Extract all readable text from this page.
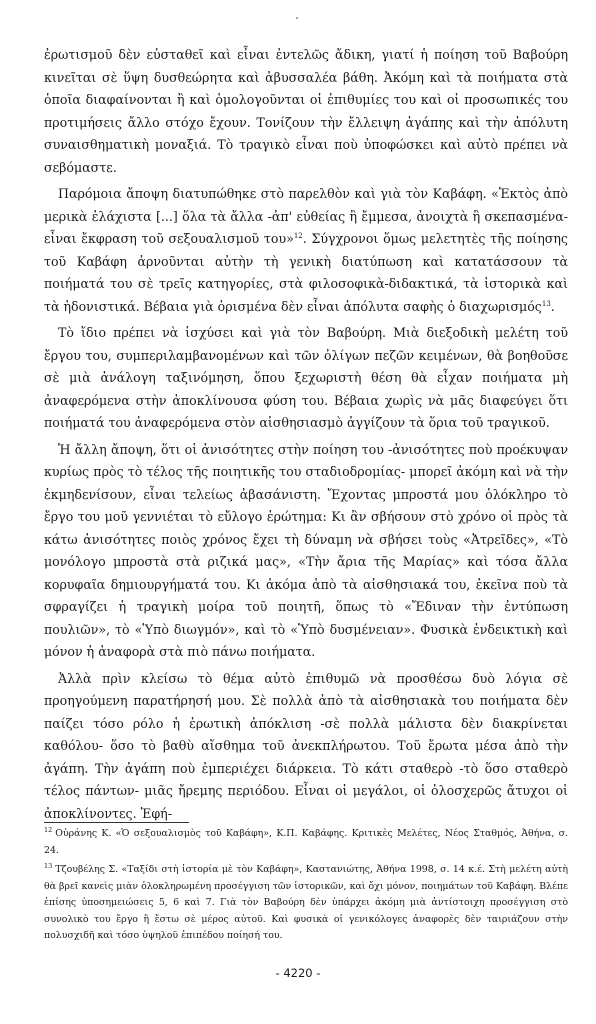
ἐρωτισμοῦ δὲν εὐσταθεῖ καὶ εἶναι ἐντελῶς ἄδικη, γιατί ἡ ποίηση τοῦ Βαβούρη κινεῖται σὲ ὕψη δυσθεώρητα καὶ ἀβυσσαλέα βάθη. Ἀκόμη καὶ τὰ ποιήματα στὰ ὁποῖα διαφαίνονται ἢ καὶ ὁμολογοῦνται οἱ ἐπιθυμίες του καὶ οἱ προσωπικές του προτιμήσεις ἄλλο στόχο ἔχουν. Τονίζουν τὴν ἔλλειψη ἀγάπης καὶ τὴν ἀπόλυτη συναισθηματικὴ μοναξιά. Τὸ τραγικὸ εἶναι ποὺ ὑποφώσκει καὶ αὐτὸ πρέπει νὰ σεβόμαστε.

Παρόμοια ἄποψη διατυπώθηκε στὸ παρελθὸν καὶ γιὰ τὸν Καβάφη. «Ἐκτὸς ἀπὸ μερικὰ ἐλάχιστα [...] ὅλα τὰ ἄλλα -ἀπ' εὐθείας ἢ ἔμμεσα, ἀνοιχτὰ ἢ σκεπασμένα- εἶναι ἔκφραση τοῦ σεξουαλισμοῦ του»$^{12}$. Σύγχρονοι ὅμως μελετητὲς τῆς ποίησης τοῦ Καβάφη ἀρνοῦνται αὐτὴν τὴ γενικὴ διατύπωση καὶ κατατάσσουν τὰ ποιήματά του σὲ τρεῖς κατηγορίες, στὰ φιλοσοφικὰ-διδακτικά, τὰ ἱστορικὰ καὶ τὰ ἡδονιστικά. Βέβαια γιὰ ὁρισμένα δὲν εἶναι ἀπόλυτα σαφὴς ὁ διαχωρισμός$^{13}$.

Τὸ ἴδιο πρέπει νὰ ἰσχύσει καὶ γιὰ τὸν Βαβούρη. Μιὰ διεξοδικὴ μελέτη τοῦ ἔργου του, συμπεριλαμβανομένων καὶ τῶν ὀλίγων πεζῶν κειμένων, θὰ βοηθοῦσε σὲ μιὰ ἀνάλογη ταξινόμηση, ὅπου ξεχωριστὴ θέση θὰ εἶχαν ποιήματα μὴ ἀναφερόμενα στὴν ἀποκλίνουσα φύση του. Βέβαια χωρὶς νὰ μᾶς διαφεύγει ὅτι ποιήματά του ἀναφερόμενα στὸν αἰσθησιασμὸ ἀγγίζουν τὰ ὅρια τοῦ τραγικοῦ.

Ἡ ἄλλη ἄποψη, ὅτι οἱ ἀνισότητες στὴν ποίηση του -ἀνισότητες ποὺ προέκυψαν κυρίως πρὸς τὸ τέλος τῆς ποιητικῆς του σταδιοδρομίας- μπορεῖ ἀκόμη καὶ νὰ τὴν ἐκμηδενίσουν, εἶναι τελείως ἀβασάνιστη. Ἔχοντας μπροστά μου ὁλόκληρο τὸ ἔργο του μοῦ γεννιέται τὸ εὔλογο ἐρώτημα: Κι ἂν σβήσουν στὸ χρόνο οἱ πρὸς τὰ κάτω ἀνισότητες ποιὸς χρόνος ἔχει τὴ δύναμη νὰ σβήσει τοὺς «Ἀτρεῖδες», «Τὸ μονόλογο μπροστὰ στὰ ριζικά μας», «Τὴν ἄρια τῆς Μαρίας» καὶ τόσα ἄλλα κορυφαῖα δημιουργήματά του. Κι ἀκόμα ἀπὸ τὰ αἰσθησιακά του, ἐκεῖνα ποὺ τὰ σφραγίζει ἡ τραγικὴ μοίρα τοῦ ποιητῆ, ὅπως τὸ «Ἔδιναν τὴν ἐντύπωση πουλιῶν», τὸ «Ὑπὸ διωγμόν», καὶ τὸ «Ὑπὸ δυσμένειαν». Φυσικὰ ἐνδεικτικὴ καὶ μόνον ἡ ἀναφορὰ στὰ πιὸ πάνω ποιήματα.

Ἀλλὰ πρὶν κλείσω τὸ θέμα αὐτὸ ἐπιθυμῶ νὰ προσθέσω δυὸ λόγια σὲ προηγούμενη παρατήρησή μου. Σὲ πολλὰ ἀπὸ τὰ αἰσθησιακὰ του ποιήματα δὲν παίζει τόσο ρόλο ἡ ἐρωτικὴ ἀπόκλιση -σὲ πολλὰ μάλιστα δὲν διακρίνεται καθόλου- ὅσο τὸ βαθὺ αἴσθημα τοῦ ἀνεκπλήρωτου. Τοῦ ἔρωτα μέσα ἀπὸ τὴν ἀγάπη. Τὴν ἀγάπη ποὺ ἐμπεριέχει διάρκεια. Τὸ κάτι σταθερὸ -τὸ ὅσο σταθερὸ τέλος πάντων- μιᾶς ἤρεμης περιόδου. Εἶναι οἱ μεγάλοι, οἱ ὁλοσχερῶς ἄτυχοι οἱ ἀποκλίνοντες. Ἐφή-

$^{12}$ Οὐράνης Κ. «Ὁ σεξουαλισμὸς τοῦ Καβάφη», Κ.Π. Καβάφης. Κριτικὲς Μελέτες, Νέος Σταθμός, Ἀθήνα, σ. 24.
$^{13}$ Τζουβέλης Σ. «Ταξίδι στὴ ἱστορία μὲ τὸν Καβάφη», Καστανιώτης, Ἀθήνα 1998, σ. 14 κ.έ. Στὴ μελέτη αὐτὴ θὰ βρεῖ κανεὶς μιὰν ὁλοκληρωμένη προσέγγιση τῶν ἱστορικῶν, καὶ ὄχι μόνον, ποιημάτων τοῦ Καβάφη. Βλέπε ἐπίσης ὑποσημειώσεις 5, 6 καὶ 7. Γιὰ τὸν Βαβούρη δὲν ὑπάρχει ἀκόμη μιὰ ἀντίστοιχη προσέγγιση στὸ συνολικὸ του ἔργο ἢ ἔστω σὲ μέρος αὐτοῦ. Καὶ φυσικὰ οἱ γενικόλογες ἀναφορὲς δὲν ταιριάζουν στὴν πολυσχιδῆ καὶ τόσο ὑψηλοῦ ἐπιπέδου ποίησή του.
- 4220 -
